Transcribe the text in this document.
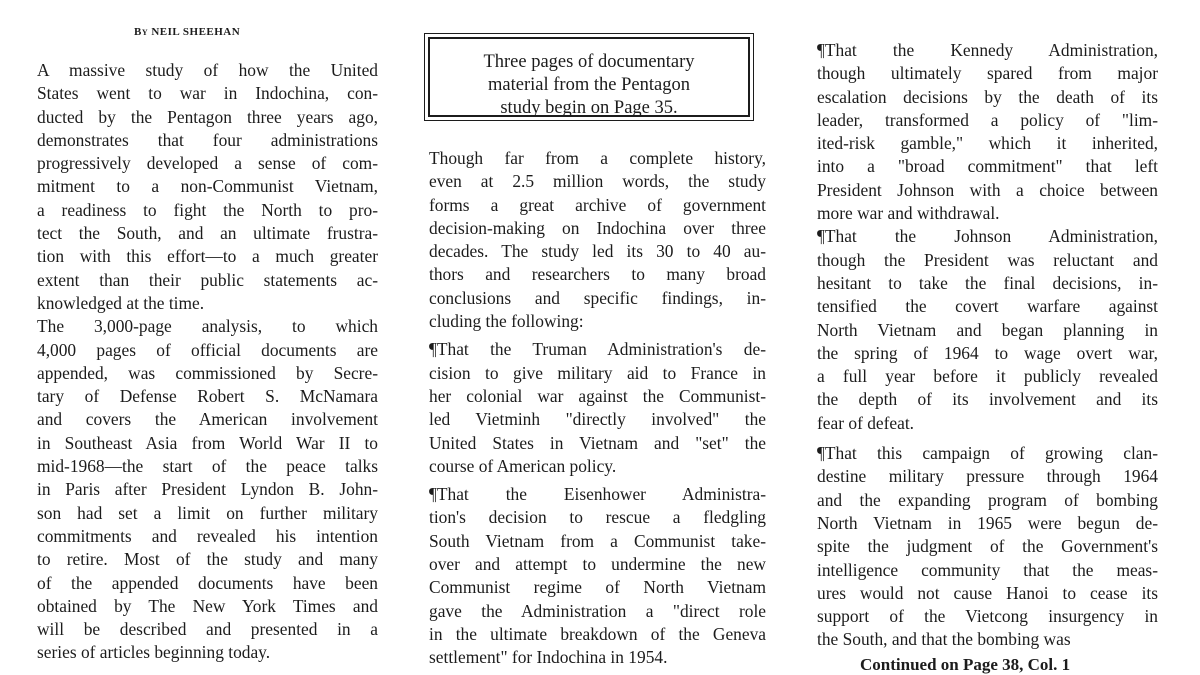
By NEIL SHEEHAN
A massive study of how the United
States went to war in Indochina, con-
ducted by the Pentagon three years ago,
demonstrates that four administrations
progressively developed a sense of com-
mitment to a non-Communist Vietnam,
a readiness to fight the North to pro-
tect the South, and an ultimate frustra-
tion with this effort—to a much greater
extent than their public statements ac-
knowledged at the time.
The 3,000-page analysis, to which
4,000 pages of official documents are
appended, was commissioned by Secre-
tary of Defense Robert S. McNamara
and covers the American involvement
in Southeast Asia from World War II to
mid-1968—the start of the peace talks
in Paris after President Lyndon B. John-
son had set a limit on further military
commitments and revealed his intention
to retire. Most of the study and many
of the appended documents have been
obtained by The New York Times and
will be described and presented in a
series of articles beginning today.
Three pages of documentary
material from the Pentagon
study begin on Page 35.
Though far from a complete history,
even at 2.5 million words, the study
forms a great archive of government
decision-making on Indochina over three
decades. The study led its 30 to 40 au-
thors and researchers to many broad
conclusions and specific findings, in-
cluding the following:
¶That the Truman Administration's de-
cision to give military aid to France in
her colonial war against the Communist-
led Vietminh "directly involved" the
United States in Vietnam and "set" the
course of American policy.
¶That the Eisenhower Administra-
tion's decision to rescue a fledgling
South Vietnam from a Communist take-
over and attempt to undermine the new
Communist regime of North Vietnam
gave the Administration a "direct role
in the ultimate breakdown of the Geneva
settlement" for Indochina in 1954.
¶That the Kennedy Administration,
though ultimately spared from major
escalation decisions by the death of its
leader, transformed a policy of "lim-
ited-risk gamble," which it inherited,
into a "broad commitment" that left
President Johnson with a choice between
more war and withdrawal.
¶That the Johnson Administration,
though the President was reluctant and
hesitant to take the final decisions, in-
tensified the covert warfare against
North Vietnam and began planning in
the spring of 1964 to wage overt war,
a full year before it publicly revealed
the depth of its involvement and its
fear of defeat.
¶That this campaign of growing clan-
destine military pressure through 1964
and the expanding program of bombing
North Vietnam in 1965 were begun de-
spite the judgment of the Government's
intelligence community that the meas-
ures would not cause Hanoi to cease its
support of the Vietcong insurgency in
the South, and that the bombing was
Continued on Page 38, Col. 1
